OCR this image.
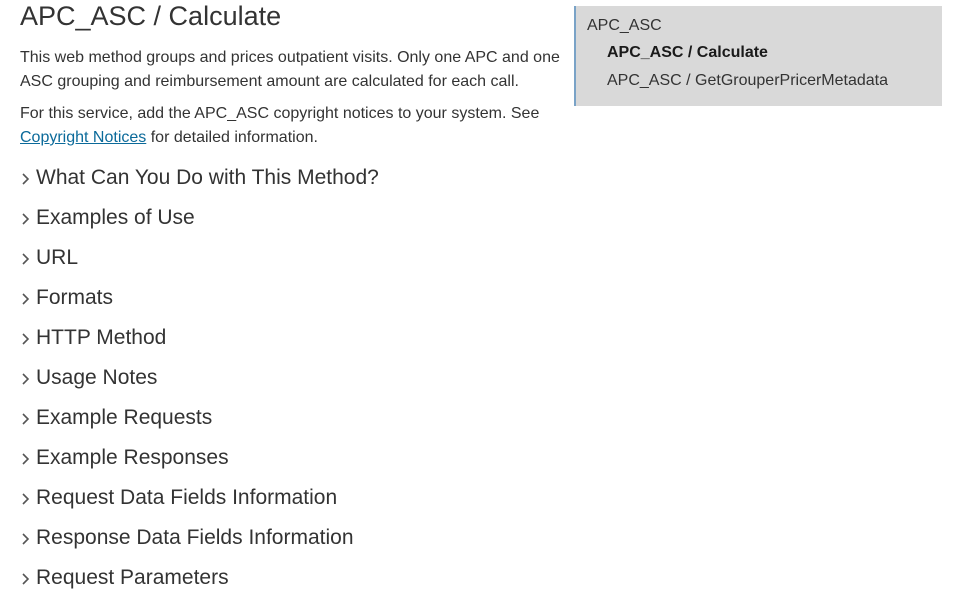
APC_ASC / Calculate

This web method groups and prices outpatient visits. Only one APC and one ASC grouping and reimbursement amount are calculated for each call.

For this service, add the APC_ASC copyright notices to your system. See Copyright Notices for detailed information.

What Can You Do with This Method?
Examples of Use
URL
Formats
HTTP Method
Usage Notes
Example Requests
Example Responses
Request Data Fields Information
Response Data Fields Information
Request Parameters
APC_ASC
APC_ASC / Calculate
APC_ASC / GetGrouperPricerMetadata
